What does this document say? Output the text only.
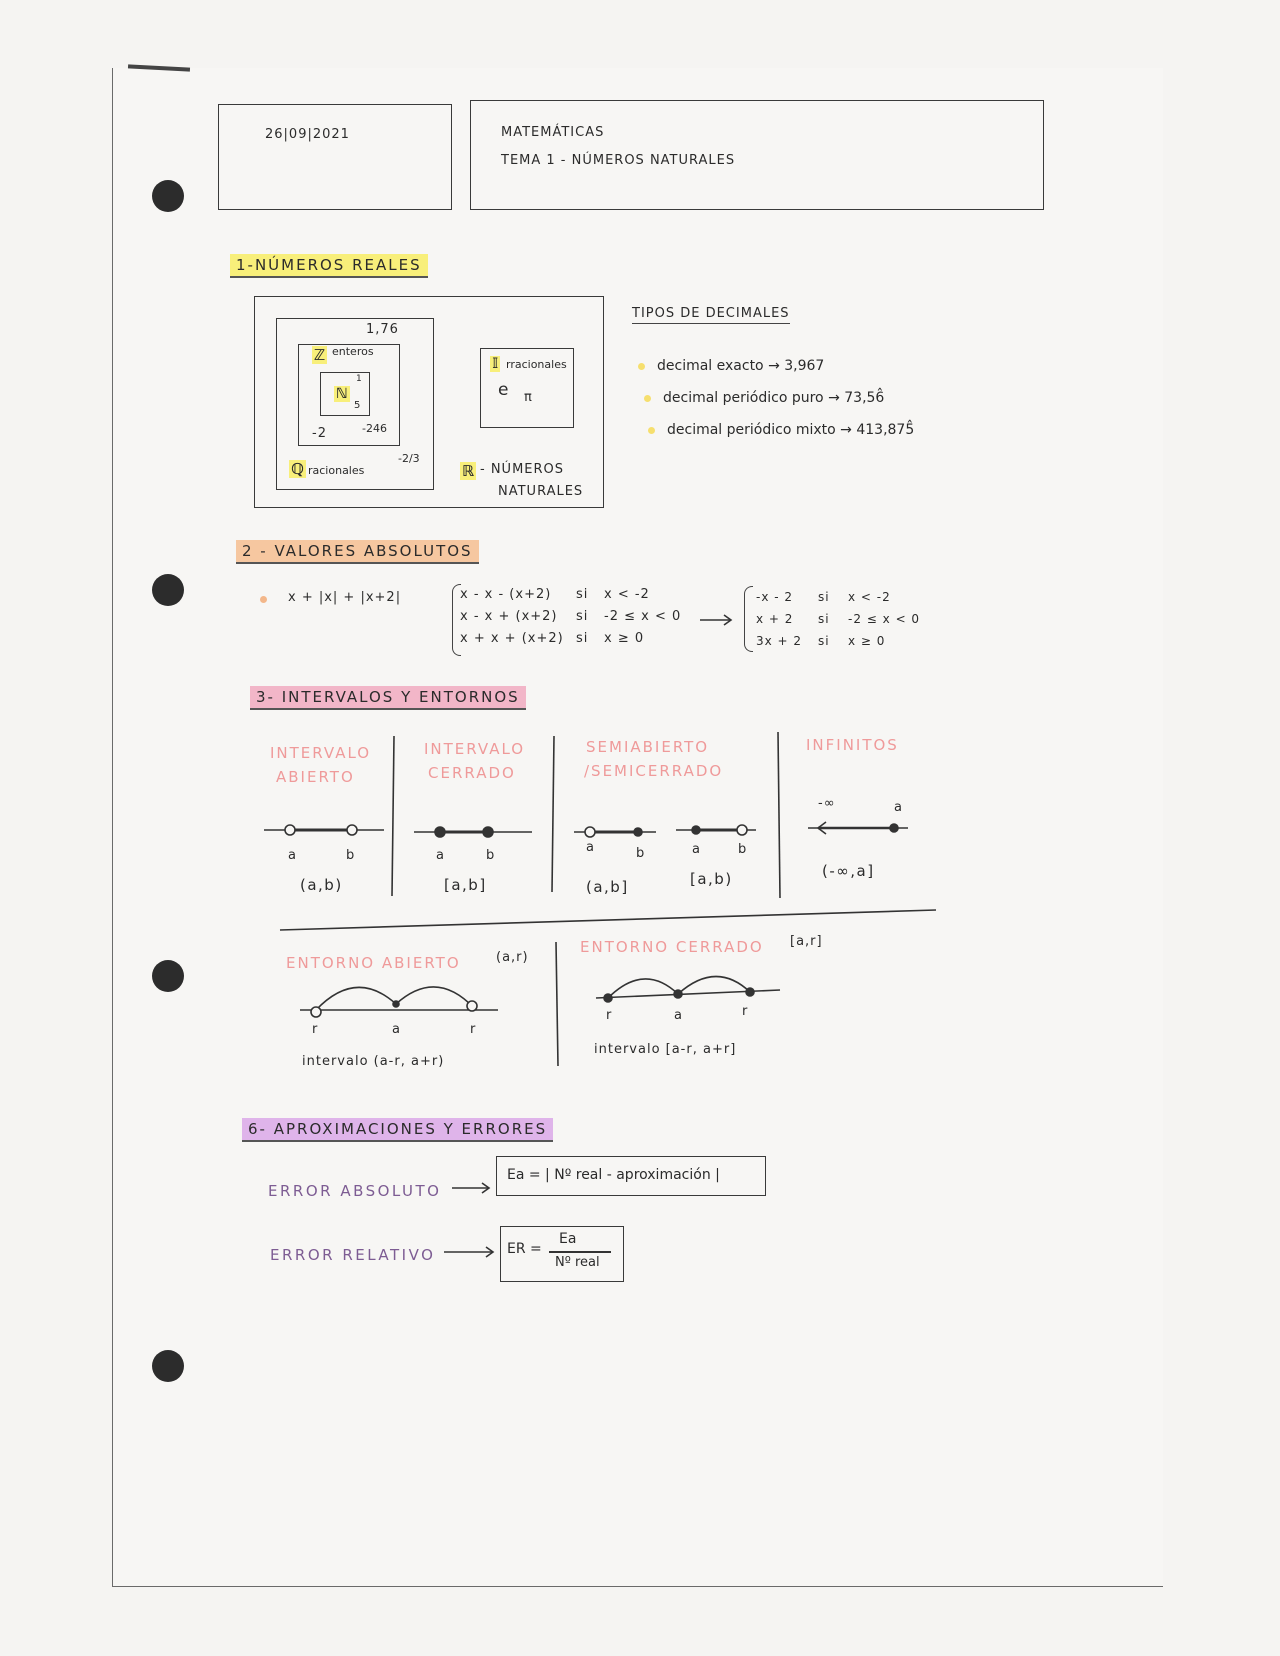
26|09|2021	MATEMÁTICAS
TEMA 1 - NÚMEROS NATURALES
1-NÚMEROS REALES
1,76
ℤ enteros
ℕ
1
5
-2	-246
ℚ racionales
-2/3
𝕀 rracionales
e π
ℝ - NÚMEROS
NATURALES
TIPOS DE DECIMALES
decimal exacto → 3,967
decimal periódico puro → 73,56̂
decimal periódico mixto → 413,875̂
2 - VALORES ABSOLUTOS
x + |x| + |x+2|	x - x - (x+2) si x < -2
x - x + (x+2) si -2 ≤ x < 0
x + x + (x+2) si x ≥ 0
-x - 2 si x < -2
x + 2 si -2 ≤ x < 0
3x + 2 si x ≥ 0
3- INTERVALOS Y ENTORNOS
INTERVALO
ABIERTO
INTERVALO
CERRADO
SEMIABIERTO
/SEMICERRADO
INFINITOS
a	b
(a,b)
a	b
[a,b]
a	b
(a,b]
a	b
[a,b)
-∞	a
(-∞,a]
ENTORNO ABIERTO	(a,r)
r	a	r
intervalo (a-r, a+r)
ENTORNO CERRADO [a,r]
r	a	r
intervalo [a-r, a+r]
6- APROXIMACIONES Y ERRORES
ERROR ABSOLUTO
Ea = | Nº real - aproximación |
ERROR RELATIVO	ER =
Ea
Nº real
